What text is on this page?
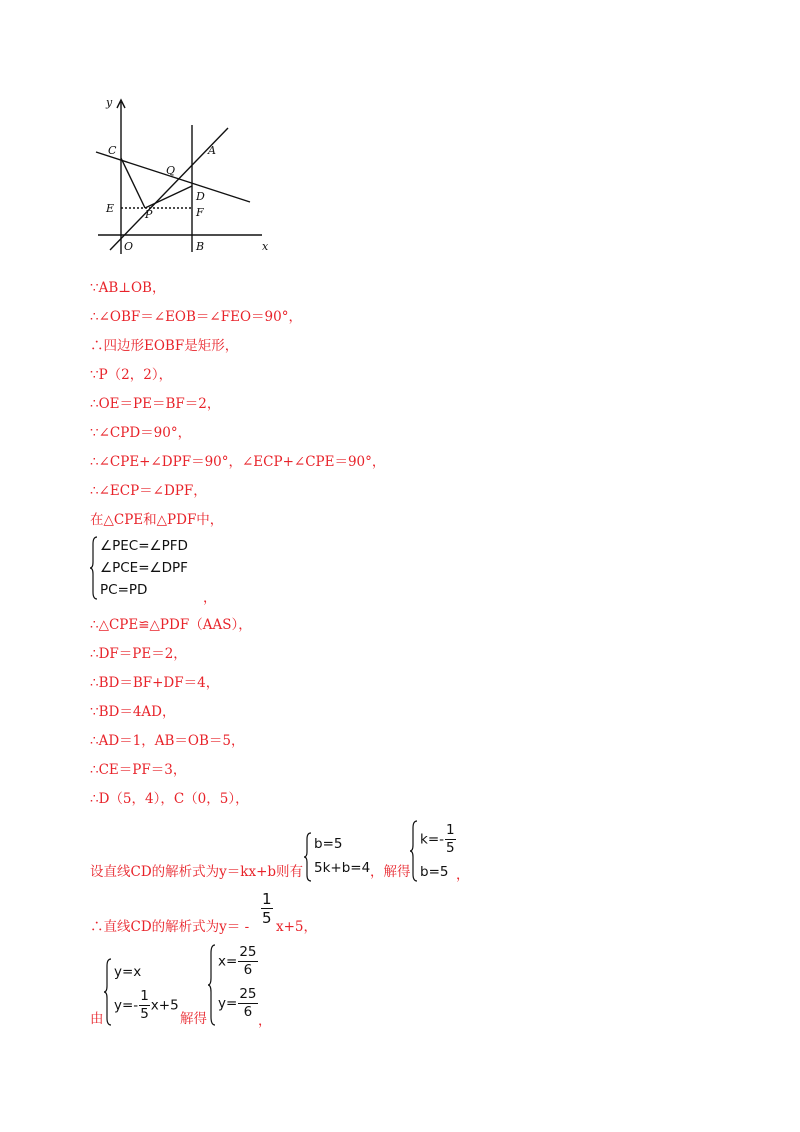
y
x
C	A
Q
D
E	P	F
O	B
∵AB⊥OB，
∴∠OBF＝∠EOB＝∠FEO＝90°，
∴四边形EOBF是矩形，
∵P（2，2），
∴OE＝PE＝BF＝2，
∵∠CPD＝90°，
∴∠CPE+∠DPF＝90°，∠ECP+∠CPE＝90°，
∴∠ECP＝∠DPF，
在△CPE和△PDF中，
∠PEC=∠PFD
∠PCE=∠DPF
PC=PD	，
∴△CPE≌△PDF（AAS），
∴DF＝PE＝2，
∴BD＝BF+DF＝4，
∵BD＝4AD，
∴AD＝1，AB＝OB＝5，
∴CE＝PF＝3，
∴D（5，4），C（0，5），
设直线CD的解析式为y＝kx+b则有
b=5
5k+b=4 ，解得
$k=- \frac{1}{5}$
b=5 ，
∴直线CD的解析式为y＝ -
$\frac{1}{5}$
x+5，
由
y=x
$y=- \frac{1}{5} x+5$
解得
$x= \frac{25}{6}$
$y= \frac{25}{6}$
，
